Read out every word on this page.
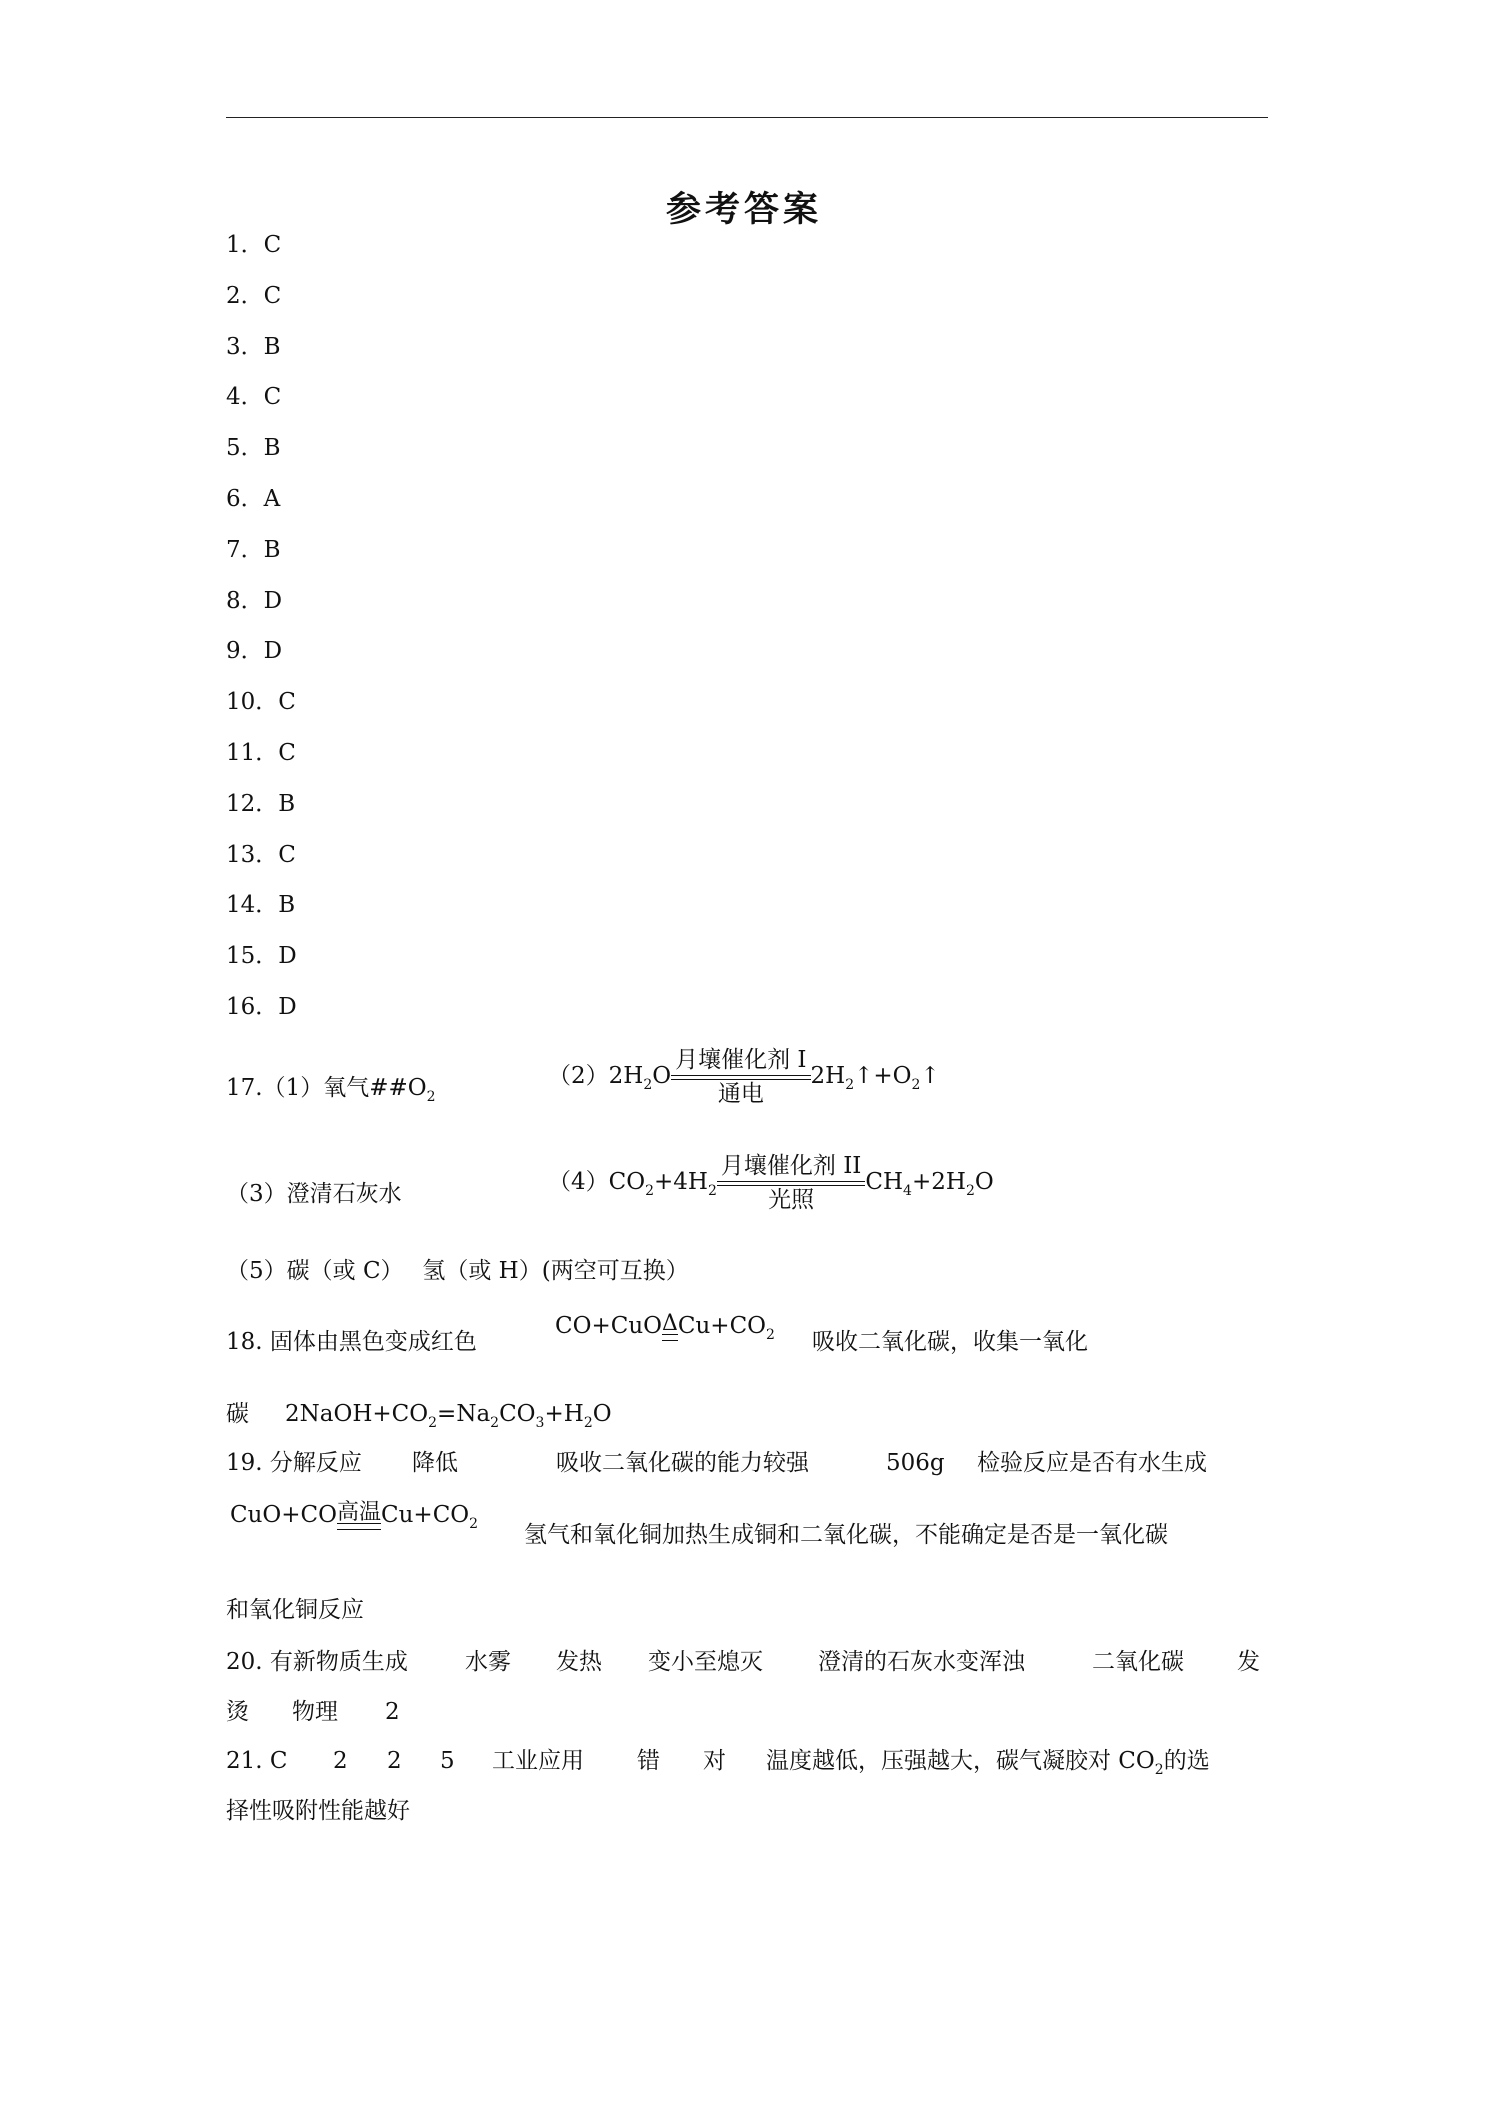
参考答案
1．C
2．C
3．B
4．C
5．B
6．A
7．B
8．D
9．D
10．C
11．C
12．B
13．C
14．B
15．D
16．D
17.（1）氧气$\#\#O_2$
$(2)2H_2O \frac{\text{月壤催化剂 I}}{\text{通电}}$ $2H_2↑+O_2↑$
（3）澄清石灰水	$(4)CO_2+4H_2 \frac{\text{月壤催化剂 II}}{\text{光照}} CH_4+2H_2O$
（5）碳（或 C）　 氢（或 H）(两空可互换）
18. 固体由黑色变成红色
CO+CuO Δ $Cu+CO_2$ 吸收二氧化碳，收集一氧化
碳 $2NaOH+CO_2=Na_2CO_3+H_2O$
19. 分解反应 降低	吸收二氧化碳的能力较强	506g 检验反应是否有水生成
CuO+CO 高温 $Cu+CO_2$ 氢气和氧化铜加热生成铜和二氧化碳，不能确定是否是一氧化碳
和氧化铜反应
20. 有新物质生成 水雾 发热 变小至熄灭 澄清的石灰水变浑浊	二氧化碳 发
烫 物理 2
21. C 2 2 5 工业应用 错 对 温度越低，压强越大，碳气凝胶对 $CO_2$的选
择性吸附性能越好
